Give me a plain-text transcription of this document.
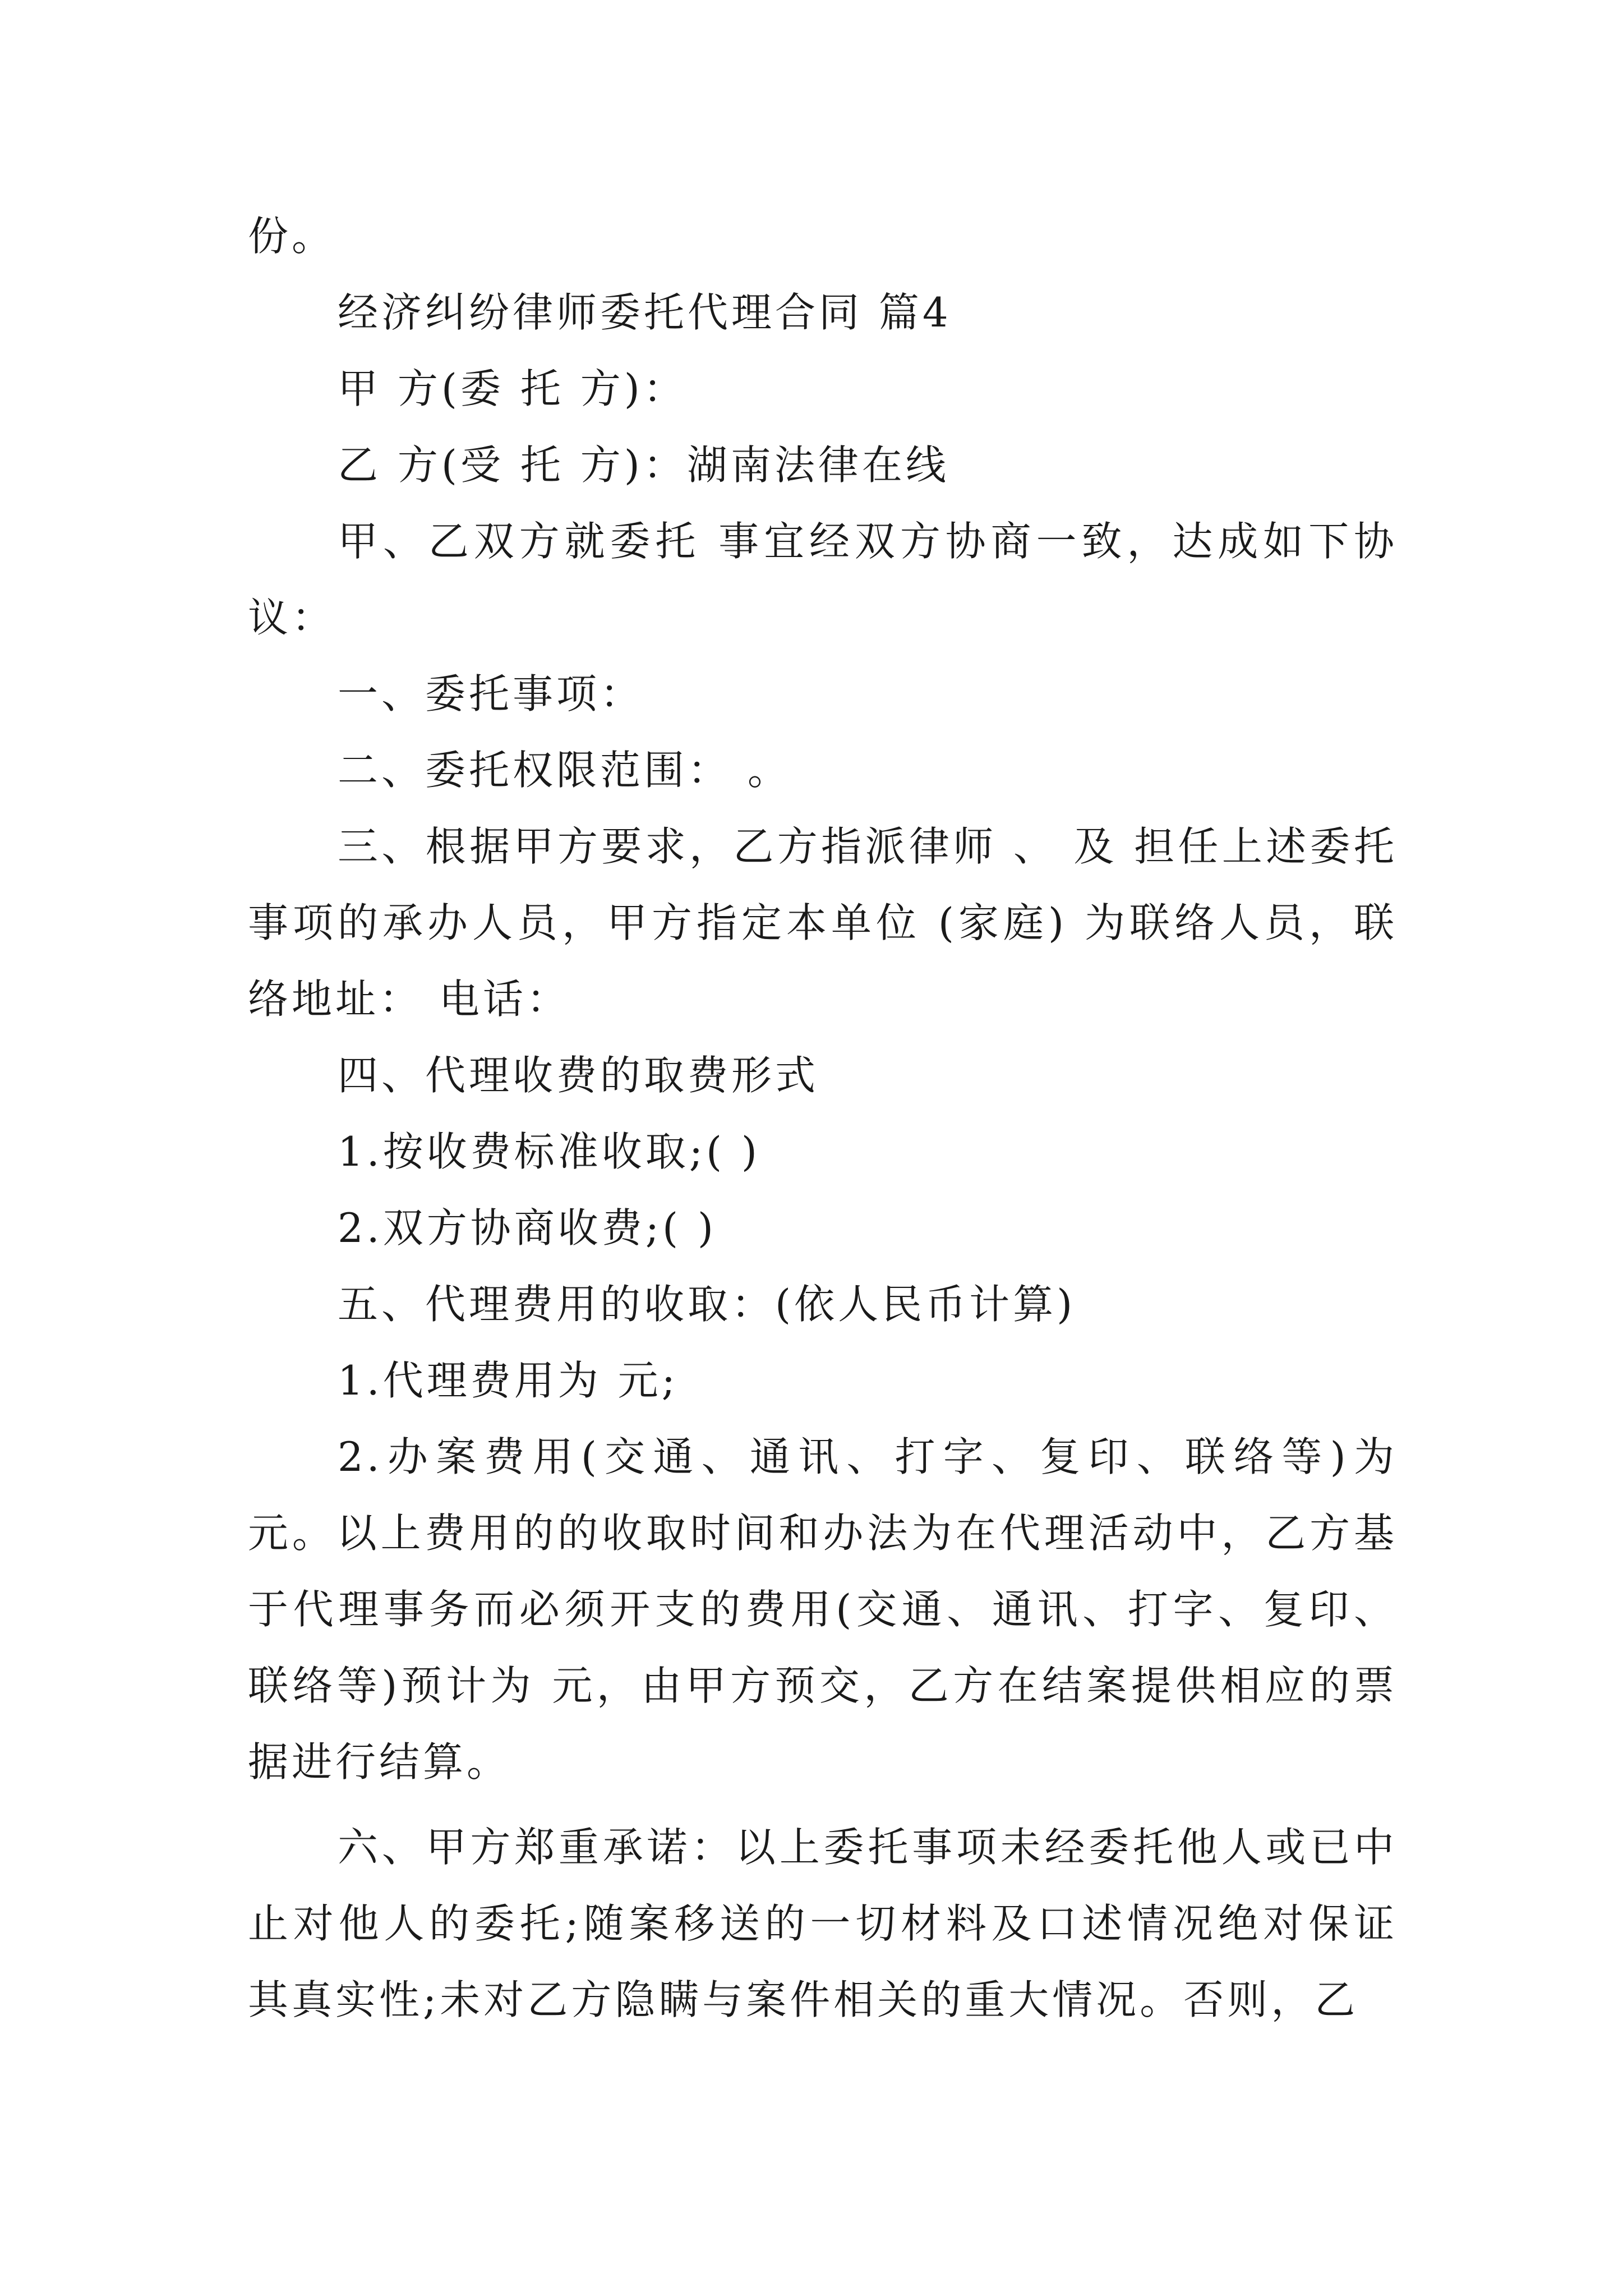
份。

经济纠纷律师委托代理合同 篇4

甲 方(委 托 方)：

乙 方(受 托 方)：湖南法律在线

甲、乙双方就委托 事宜经双方协商一致，达成如下协议：

一、委托事项：

二、委托权限范围： 。

三、根据甲方要求，乙方指派律师 、 及 担任上述委托事项的承办人员，甲方指定本单位 (家庭) 为联络人员，联络地址： 电话：

四、代理收费的取费形式

1.按收费标准收取;( )

2.双方协商收费;( )

五、代理费用的收取：(依人民币计算)

1.代理费用为 元;

2.办案费用(交通、通讯、打字、复印、联络等)为 元。以上费用的的收取时间和办法为在代理活动中，乙方基于代理事务而必须开支的费用(交通、通讯、打字、复印、联络等)预计为 元，由甲方预交，乙方在结案提供相应的票据进行结算。

六、甲方郑重承诺：以上委托事项未经委托他人或已中止对他人的委托;随案移送的一切材料及口述情况绝对保证其真实性;未对乙方隐瞒与案件相关的重大情况。否则，乙
